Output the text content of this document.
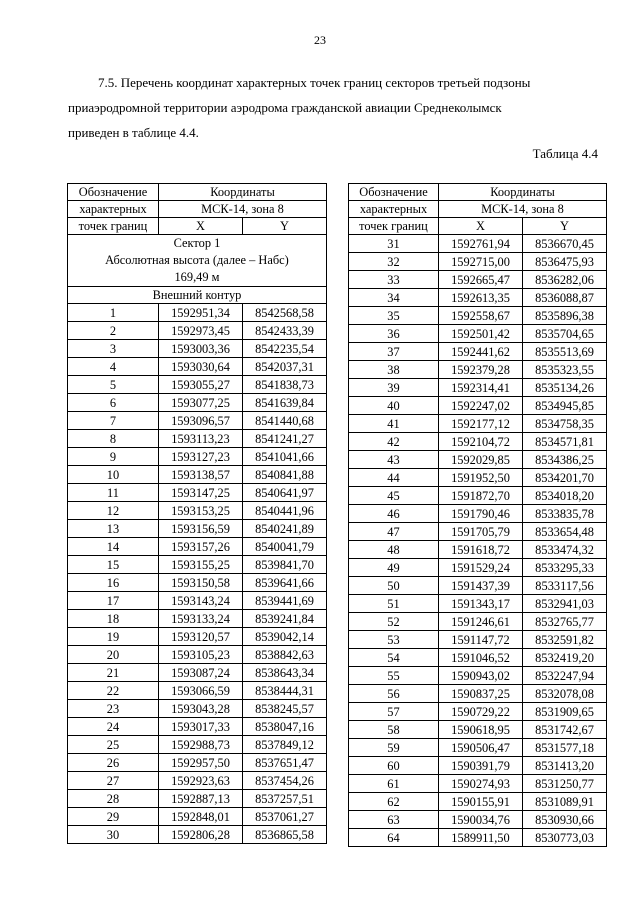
23
7.5. Перечень координат характерных точек границ секторов третьей подзоны
приаэродромной территории аэродрома гражданской авиации Среднеколымск
приведен в таблице 4.4.
Таблица 4.4
Обозначение	Координаты	
характерных	МСК-14, зона 8	
точек границ	X	Y

Сектор 1
Абсолютная высота (далее – Набс)
169,49 м		

Внешний контур		
1	1592951,34	8542568,58
2	1592973,45	8542433,39
3	1593003,36	8542235,54
4	1593030,64	8542037,31
5	1593055,27	8541838,73
6	1593077,25	8541639,84
7	1593096,57	8541440,68
8	1593113,23	8541241,27
9	1593127,23	8541041,66
10	1593138,57	8540841,88
11	1593147,25	8540641,97
12	1593153,25	8540441,96
13	1593156,59	8540241,89
14	1593157,26	8540041,79
15	1593155,25	8539841,70
16	1593150,58	8539641,66
17	1593143,24	8539441,69
18	1593133,24	8539241,84
19	1593120,57	8539042,14
20	1593105,23	8538842,63
21	1593087,24	8538643,34
22	1593066,59	8538444,31
23	1593043,28	8538245,57
24	1593017,33	8538047,16
25	1592988,73	8537849,12
26	1592957,50	8537651,47
27	1592923,63	8537454,26
28	1592887,13	8537257,51
29	1592848,01	8537061,27
30	1592806,28	8536865,58
Обозначение	Координаты	
характерных	МСК-14, зона 8	
точек границ	X	Y
31	1592761,94	8536670,45
32	1592715,00	8536475,93
33	1592665,47	8536282,06
34	1592613,35	8536088,87
35	1592558,67	8535896,38
36	1592501,42	8535704,65
37	1592441,62	8535513,69
38	1592379,28	8535323,55
39	1592314,41	8535134,26
40	1592247,02	8534945,85
41	1592177,12	8534758,35
42	1592104,72	8534571,81
43	1592029,85	8534386,25
44	1591952,50	8534201,70
45	1591872,70	8534018,20
46	1591790,46	8533835,78
47	1591705,79	8533654,48
48	1591618,72	8533474,32
49	1591529,24	8533295,33
50	1591437,39	8533117,56
51	1591343,17	8532941,03
52	1591246,61	8532765,77
53	1591147,72	8532591,82
54	1591046,52	8532419,20
55	1590943,02	8532247,94
56	1590837,25	8532078,08
57	1590729,22	8531909,65
58	1590618,95	8531742,67
59	1590506,47	8531577,18
60	1590391,79	8531413,20
61	1590274,93	8531250,77
62	1590155,91	8531089,91
63	1590034,76	8530930,66
64	1589911,50	8530773,03
